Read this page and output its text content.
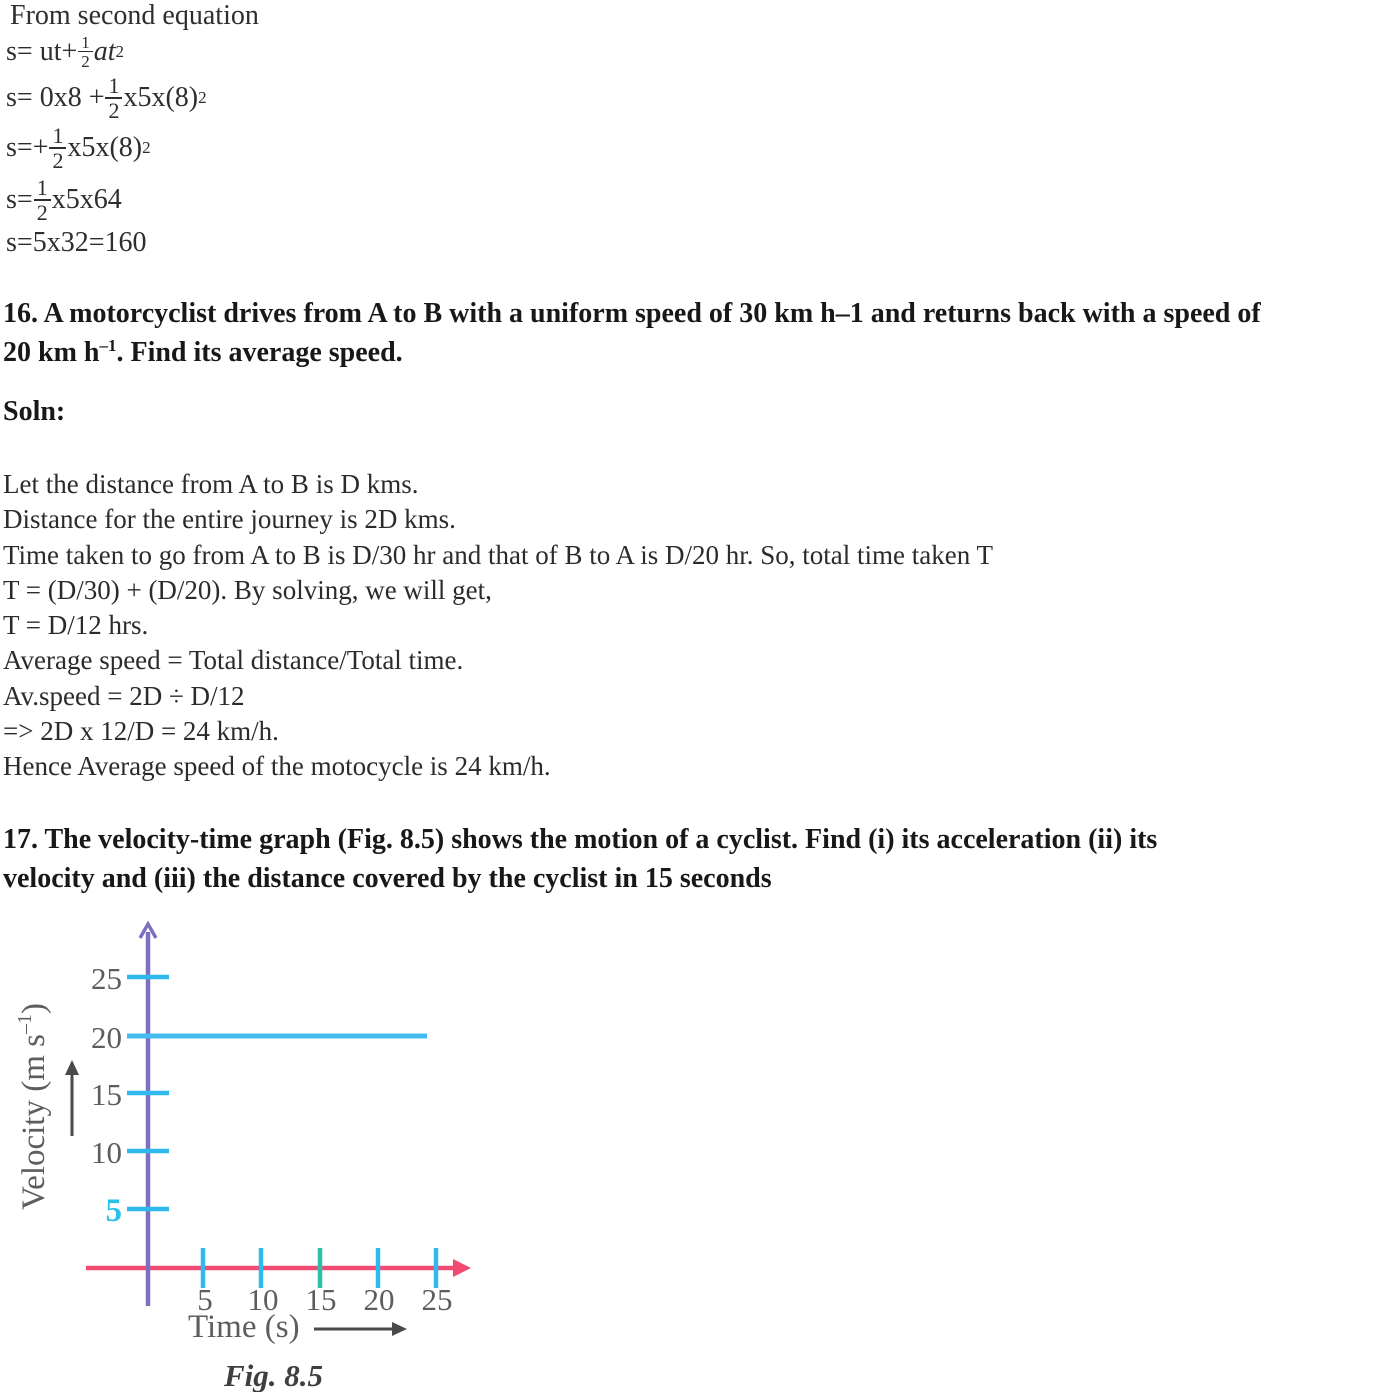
From second equation
$s= ut+ \frac{1}{2}$ at 2
$s= 0x8 + \frac{1}{2} x5x(8)$ 2
$s=+ \frac{1}{2} x5x(8)$ 2
$s= \frac{1}{2} x5x64$
s=5x32=160
16. A motorcyclist drives from A to B with a uniform speed of 30 km h–1 and returns back with a speed of
20 km $h^{-1}$. Find its average speed.
Soln:
Let the distance from A to B is D kms.
Distance for the entire journey is 2D kms.
Time taken to go from A to B is D/30 hr and that of B to A is D/20 hr. So, total time taken T
T = (D/30) + (D/20). By solving, we will get,
T = D/12 hrs.
Average speed = Total distance/Total time.
Av.speed = 2D ÷ D/12
=> 2D x 12/D = 24 km/h.
Hence Average speed of the motocycle is 24 km/h.
17. The velocity-time graph (Fig. 8.5) shows the motion of a cyclist. Find (i) its acceleration (ii) its
velocity and (iii) the distance covered by the cyclist in 15 seconds
25
20
15
10
5
5 10 15 20 25
Velocity (m $s^{-1}$)
Time (s)
Fig. 8.5
